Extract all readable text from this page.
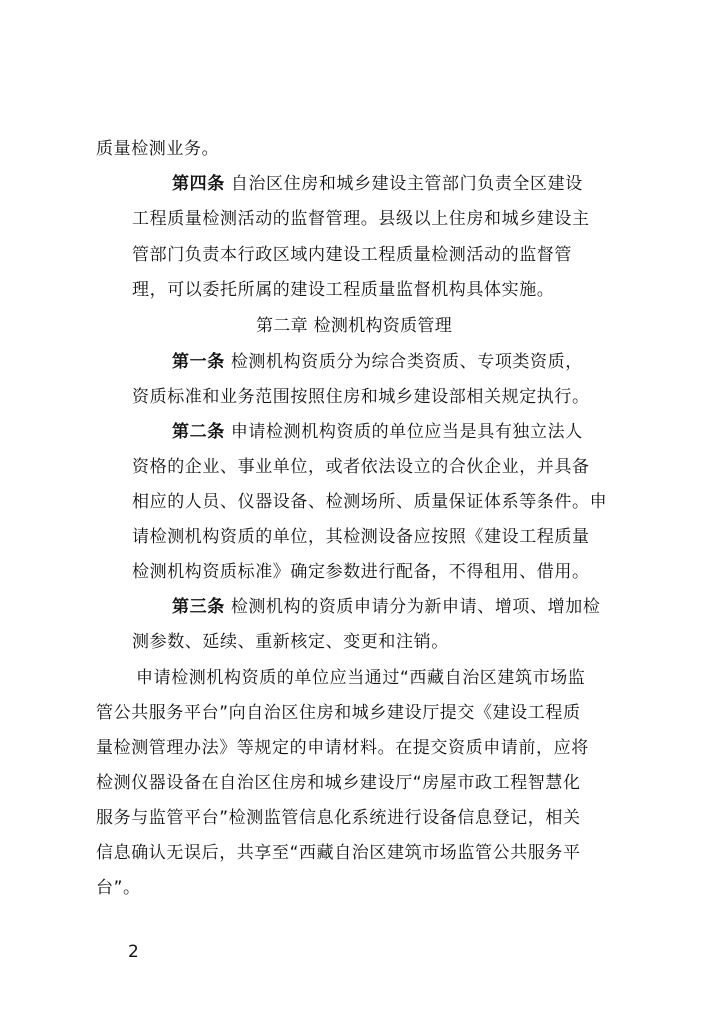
质量检测业务。
第四条 自治区住房和城乡建设主管部门负责全区建设
工程质量检测活动的监督管理。县级以上住房和城乡建设主
管部门负责本行政区域内建设工程质量检测活动的监督管
理，可以委托所属的建设工程质量监督机构具体实施。
第二章 检测机构资质管理
第一条 检测机构资质分为综合类资质、专项类资质，
资质标准和业务范围按照住房和城乡建设部相关规定执行。
第二条 申请检测机构资质的单位应当是具有独立法人
资格的企业、事业单位，或者依法设立的合伙企业，并具备
相应的人员、仪器设备、检测场所、质量保证体系等条件。申
请检测机构资质的单位，其检测设备应按照《建设工程质量
检测机构资质标准》确定参数进行配备，不得租用、借用。
第三条 检测机构的资质申请分为新申请、增项、增加检
测参数、延续、重新核定、变更和注销。
申请检测机构资质的单位应当通过“西藏自治区建筑市场监
管公共服务平台”向自治区住房和城乡建设厅提交《建设工程质
量检测管理办法》等规定的申请材料。在提交资质申请前，应将
检测仪器设备在自治区住房和城乡建设厅“房屋市政工程智慧化
服务与监管平台”检测监管信息化系统进行设备信息登记，相关
信息确认无误后，共享至“西藏自治区建筑市场监管公共服务平
台”。
2
